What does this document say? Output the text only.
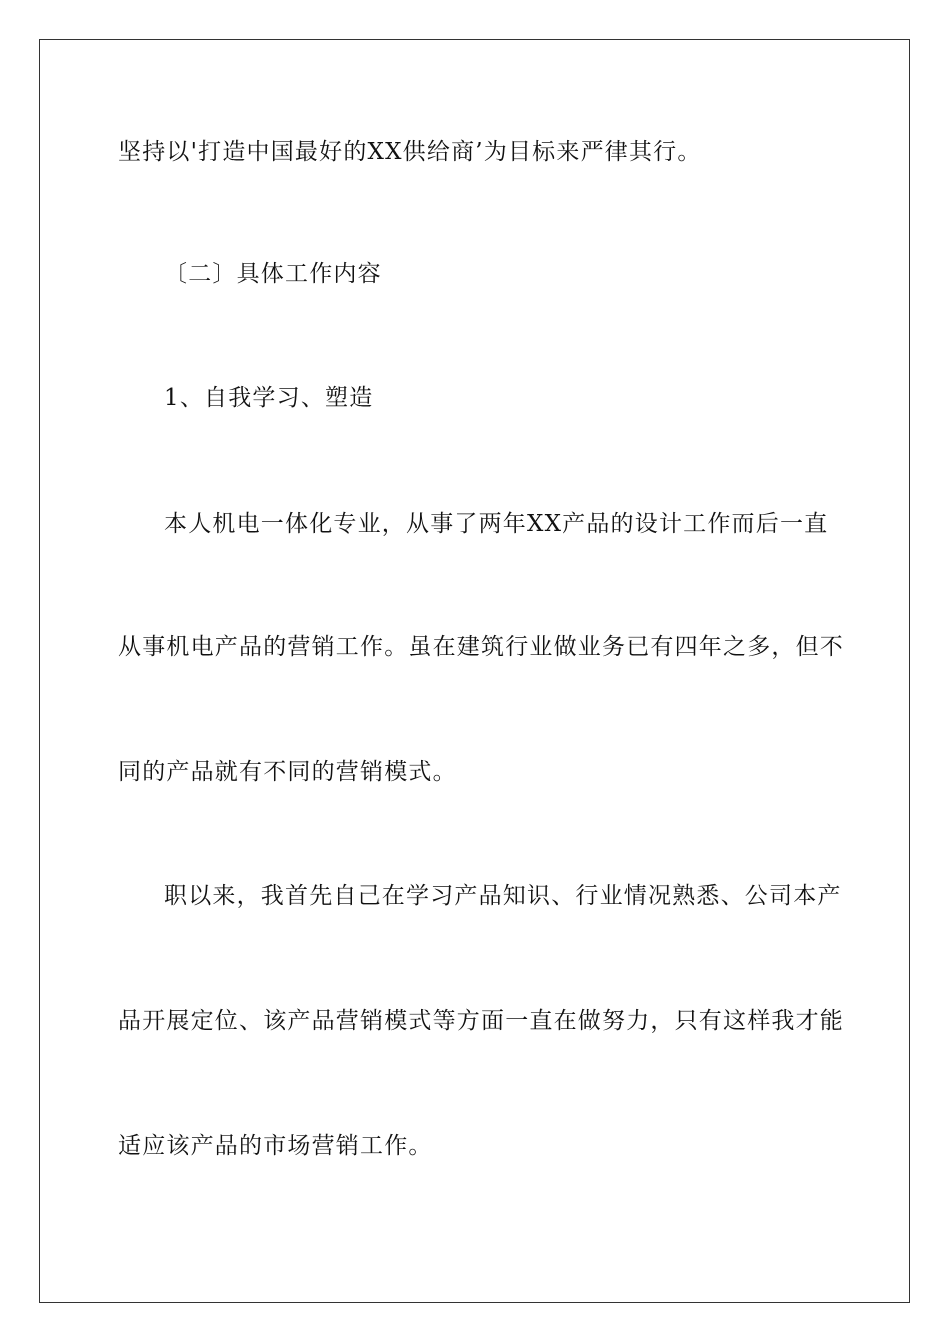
坚持以'打造中国最好的XX供给商’为目标来严律其行。
〔二〕具体工作内容
1、自我学习、塑造
本人机电一体化专业，从事了两年XX产品的设计工作而后一直
从事机电产品的营销工作。虽在建筑行业做业务已有四年之多，但不
同的产品就有不同的营销模式。
职以来，我首先自己在学习产品知识、行业情况熟悉、公司本产
品开展定位、该产品营销模式等方面一直在做努力，只有这样我才能
适应该产品的市场营销工作。
